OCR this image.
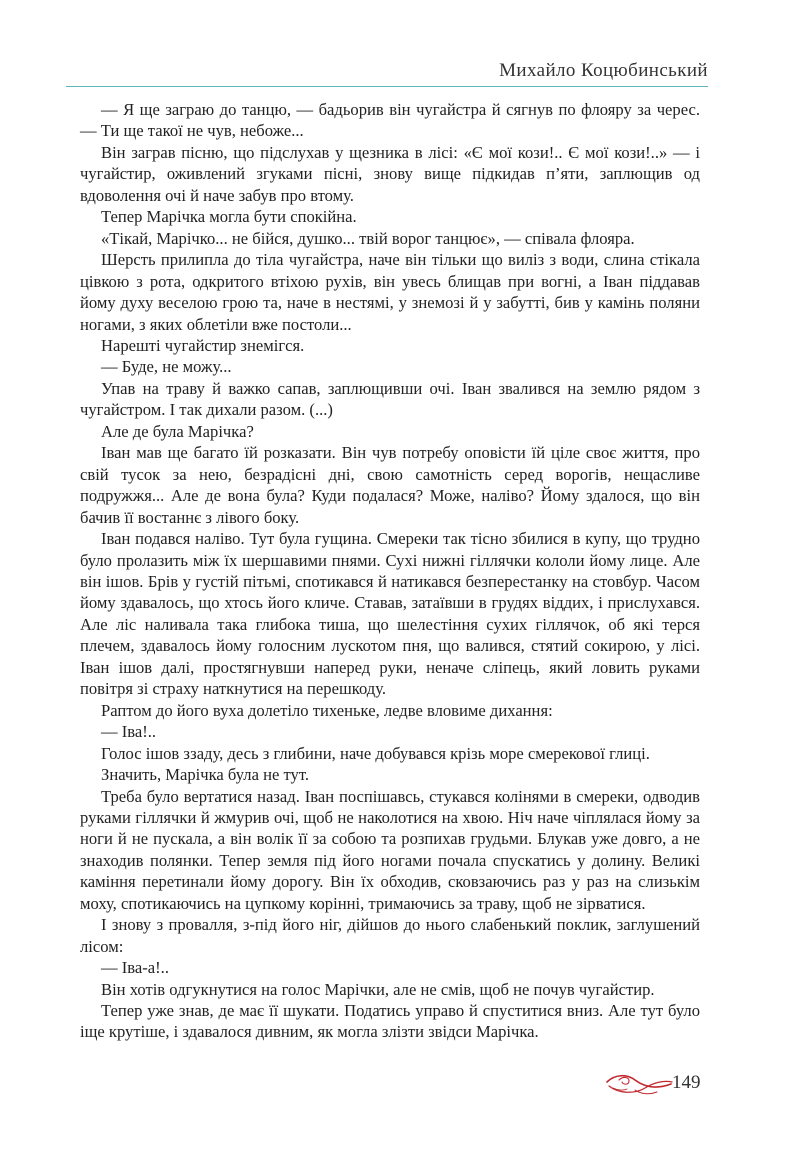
Михайло Коцюбинський

— Я ще заграю до танцю, — бадьорив він чугайстра й сягнув по флояру за черес. — Ти ще такої не чув, небоже...

Він заграв пісню, що підслухав у щезника в лісі: «Є мої кози!.. Є мої кози!..» — і чугайстир, оживлений згуками пісні, знову вище підкидав п’яти, заплющив од вдоволення очі й наче забув про втому.

Тепер Марічка могла бути спокійна.

«Тікай, Марічко... не бійся, душко... твій ворог танцює», — співала флояра.

Шерсть прилипла до тіла чугайстра, наче він тільки що виліз з води, слина стікала цівкою з рота, одкритого втіхою рухів, він увесь блищав при вогні, а Іван піддавав йому духу веселою грою та, наче в нестямі, у знемозі й у забутті, бив у камінь поляни ногами, з яких облетіли вже постоли...

Нарешті чугайстир знемігся.

— Буде, не можу...

Упав на траву й важко сапав, заплющивши очі. Іван звалився на землю рядом з чугайстром. І так дихали разом. (...)

Але де була Марічка?

Іван мав ще багато їй розказати. Він чув потребу оповісти їй ціле своє життя, про свій тусок за нею, безрадісні дні, свою самотність серед ворогів, нещасливе подружжя... Але де вона була? Куди подалася? Може, наліво? Йому здалося, що він бачив її востаннє з лівого боку.

Іван подався наліво. Тут була гущина. Смереки так тісно збилися в купу, що трудно було пролазить між їх шершавими пнями. Сухі нижні гіллячки кололи йому лице. Але він ішов. Брів у густій пітьмі, спотикався й натикався безперестанку на стовбур. Часом йому здавалось, що хтось його кличе. Ставав, затаївши в грудях віддих, і прислухався. Але ліс наливала така глибока тиша, що шелестіння сухих гіллячок, об які терся плечем, здавалось йому голосним лускотом пня, що валився, стятий сокирою, у лісі. Іван ішов далі, простягнувши наперед руки, неначе сліпець, який ловить руками повітря зі страху наткнутися на перешкоду.

Раптом до його вуха долетіло тихеньке, ледве вловиме дихання:

— Іва!..

Голос ішов ззаду, десь з глибини, наче добувався крізь море смерекової глиці.

Значить, Марічка була не тут.

Треба було вертатися назад. Іван поспішавсь, стукався колінями в смереки, одводив руками гіллячки й жмурив очі, щоб не наколотися на хвою. Ніч наче чіплялася йому за ноги й не пускала, а він волік її за собою та розпихав грудьми. Блукав уже довго, а не знаходив полянки. Тепер земля під його ногами почала спускатись у долину. Великі каміння перетинали йому дорогу. Він їх обходив, сковзаючись раз у раз на слизькім моху, спотикаючись на цупкому корінні, тримаючись за траву, щоб не зірватися.

І знову з провалля, з-під його ніг, дійшов до нього слабенький поклик, заглушений лісом:

— Іва-а!..

Він хотів одгукнутися на голос Марічки, але не смів, щоб не почув чугайстир.

Тепер уже знав, де має її шукати. Податись управо й спуститися вниз. Але тут було іще крутіше, і здавалося дивним, як могла злізти звідси Марічка.

149
